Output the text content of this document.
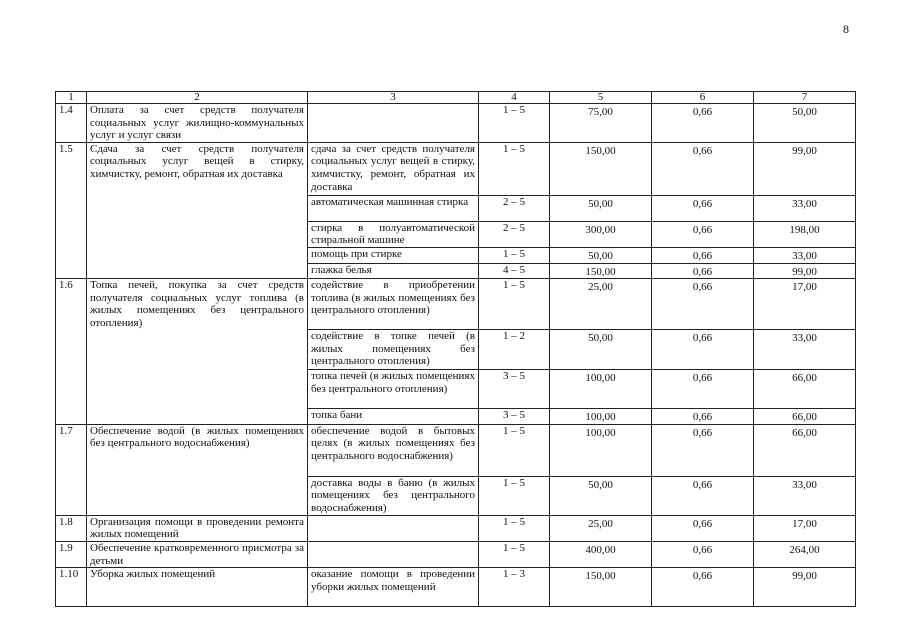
8
1	2	3	4	5	6	7
1.4	Оплата за счет средств получателя социальных услуг жилищно-коммунальных услуг и услуг связи		1 – 5	75,00	0,66	50,00
1.5	Сдача за счет средств получателя социальных услуг вещей в стирку, химчистку, ремонт, обратная их доставка	сдача за счет средств получателя социальных услуг вещей в стирку, химчистку, ремонт, обратная их доставка	1 – 5	150,00	0,66	99,00
		автоматическая машинная стирка	2 – 5	50,00	0,66	33,00
		стирка в полуавтоматической стиральной машине	2 – 5	300,00	0,66	198,00
		помощь при стирке	1 – 5	50,00	0,66	33,00
		глажка белья	4 – 5	150,00	0,66	99,00
1.6	Топка печей, покупка за счет средств получателя социальных услуг топлива (в жилых помещениях без центрального отопления)	содействие в приобретении топлива (в жилых помещениях без центрального отопления)	1 – 5	25,00	0,66	17,00
		содействие в топке печей (в жилых помещениях без центрального отопления)	1 – 2	50,00	0,66	33,00
		топка печей (в жилых помещениях без центрального отопления)	3 – 5	100,00	0,66	66,00
		топка бани	3 – 5	100,00	0,66	66,00
1.7	Обеспечение водой (в жилых помещениях без центрального водоснабжения)	обеспечение водой в бытовых целях (в жилых помещениях без центрального водоснабжения)	1 – 5	100,00	0,66	66,00
		доставка воды в баню (в жилых помещениях без центрального водоснабжения)	1 – 5	50,00	0,66	33,00
1.8	Организация помощи в проведении ремонта жилых помещений		1 – 5	25,00	0,66	17,00
1.9	Обеспечение кратковременного присмотра за детьми		1 – 5	400,00	0,66	264,00
1.10	Уборка жилых помещений	оказание помощи в проведении уборки жилых помещений	1 – 3	150,00	0,66	99,00
